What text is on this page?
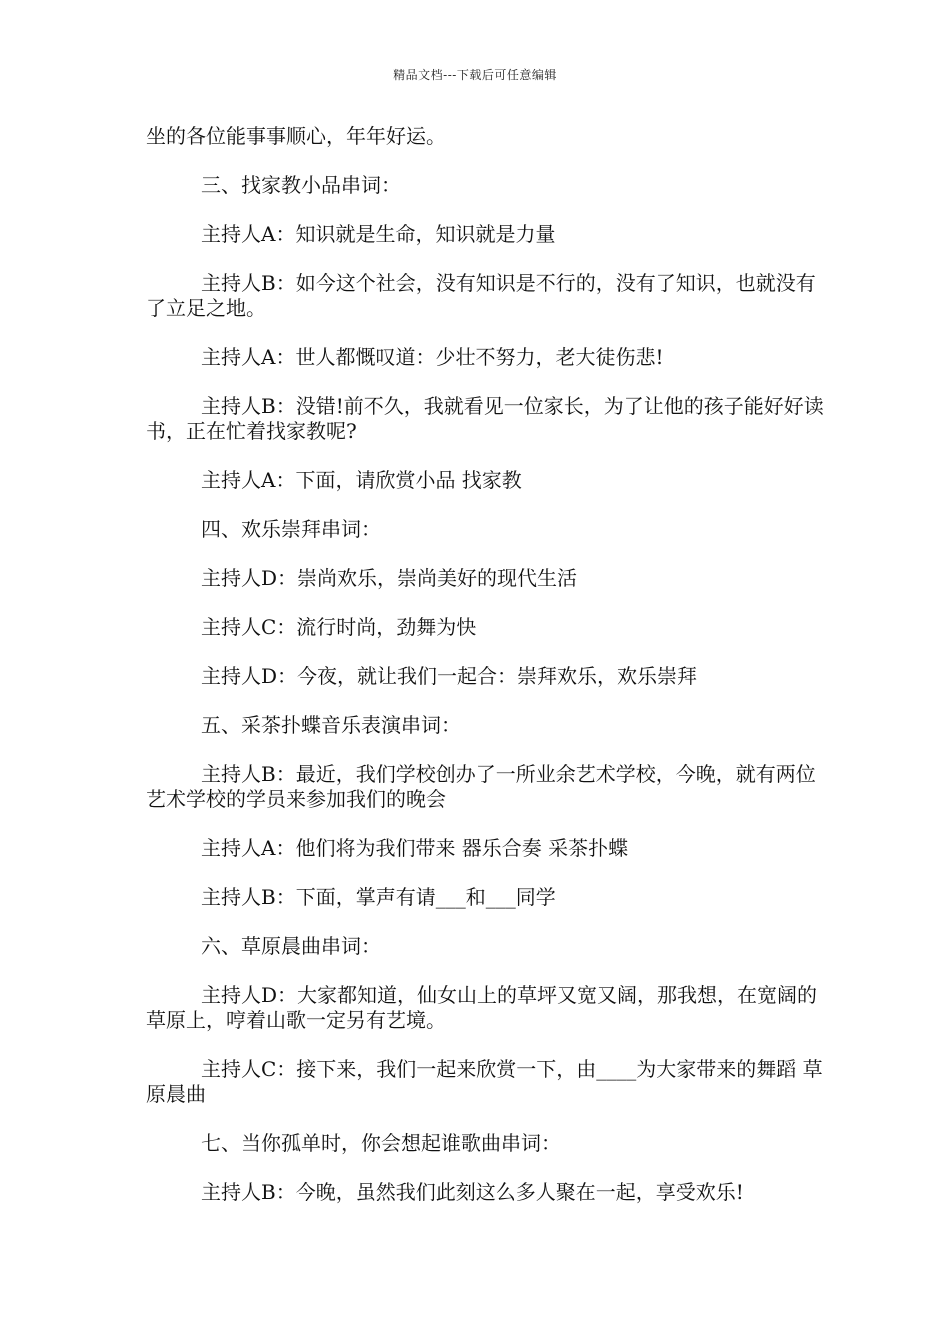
精品文档---下载后可任意编辑

坐的各位能事事顺心，年年好运。

三、找家教小品串词：

主持人A：知识就是生命，知识就是力量

主持人B：如今这个社会，没有知识是不行的，没有了知识，也就没有了立足之地。

主持人A：世人都慨叹道：少壮不努力，老大徒伤悲!

主持人B：没错!前不久，我就看见一位家长，为了让他的孩子能好好读书，正在忙着找家教呢?

主持人A：下面，请欣赏小品 找家教

四、欢乐崇拜串词：

主持人D：崇尚欢乐，崇尚美好的现代生活

主持人C：流行时尚，劲舞为快

主持人D：今夜，就让我们一起合：崇拜欢乐，欢乐崇拜

五、采茶扑蝶音乐表演串词：

主持人B：最近，我们学校创办了一所业余艺术学校，今晚，就有两位艺术学校的学员来参加我们的晚会

主持人A：他们将为我们带来 器乐合奏 采茶扑蝶

主持人B：下面，掌声有请___和___同学

六、草原晨曲串词：

主持人D：大家都知道，仙女山上的草坪又宽又阔，那我想，在宽阔的草原上，哼着山歌一定另有艺境。

主持人C：接下来，我们一起来欣赏一下，由____为大家带来的舞蹈 草原晨曲

七、当你孤单时，你会想起谁歌曲串词：

主持人B：今晚，虽然我们此刻这么多人聚在一起，享受欢乐!
